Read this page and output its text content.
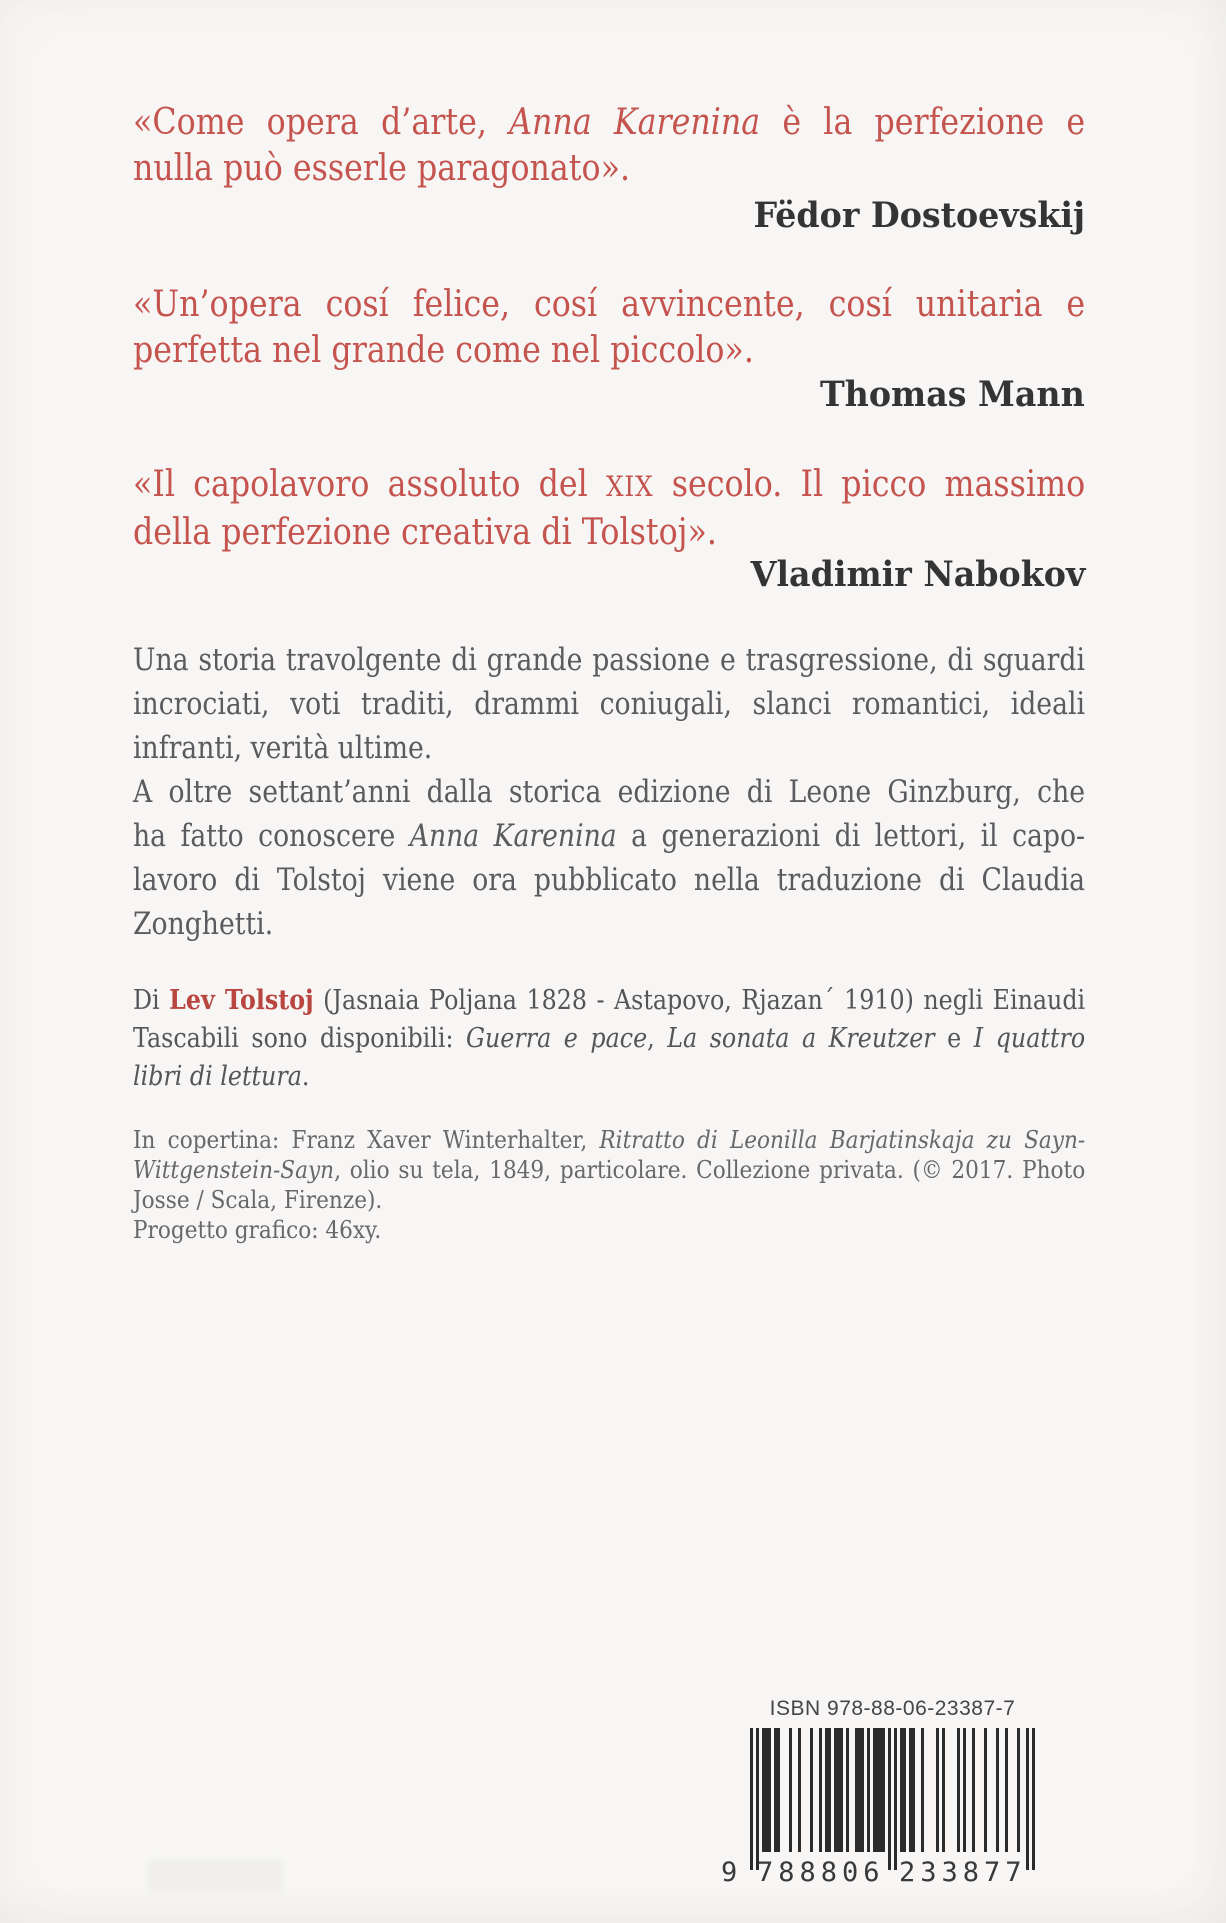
«Come opera d’arte, Anna Karenina è la perfezione e
nulla può esserle paragonato».
Fëdor Dostoevskij
«Un’opera cosí felice, cosí avvincente, cosí unitaria e
perfetta nel grande come nel piccolo».
Thomas Mann
«Il capolavoro assoluto del XIX secolo. Il picco massimo
della perfezione creativa di Tolstoj».
Vladimir Nabokov
Una storia travolgente di grande passione e trasgressione, di sguardi
incrociati, voti traditi, drammi coniugali, slanci romantici, ideali
infranti, verità ultime.
A oltre settant’anni dalla storica edizione di Leone Ginzburg, che
ha fatto conoscere Anna Karenina a generazioni di lettori, il capo-
lavoro di Tolstoj viene ora pubblicato nella traduzione di Claudia
Zonghetti.
Di Lev Tolstoj (Jasnaia Poljana 1828 - Astapovo, Rjazan´ 1910) negli Einaudi
Tascabili sono disponibili: Guerra e pace, La sonata a Kreutzer e I quattro
libri di lettura.
In copertina: Franz Xaver Winterhalter, Ritratto di Leonilla Barjatinskaja zu Sayn-
Wittgenstein-Sayn, olio su tela, 1849, particolare. Collezione privata. (© 2017. Photo
Josse / Scala, Firenze).
Progetto grafico: 46xy.
ISBN 978-88-06-23387-7
9 788806 233877
